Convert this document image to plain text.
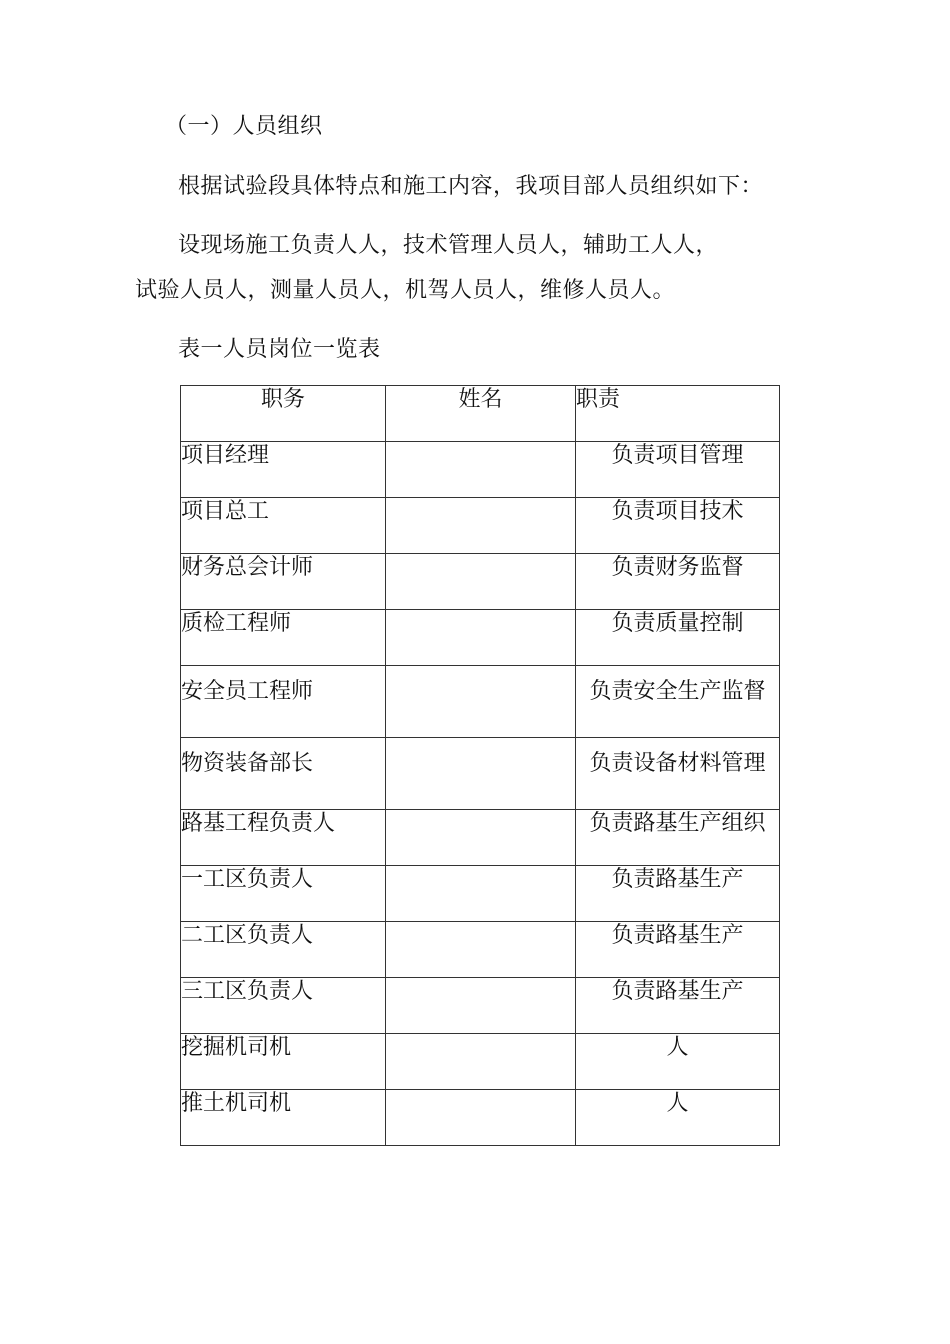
（一）人员组织
根据试验段具体特点和施工内容，我项目部人员组织如下：
设现场施工负责人人，技术管理人员人，辅助工人人，
试验人员人，测量人员人，机驾人员人，维修人员人。
表一人员岗位一览表
职务	姓名	职责
项目经理		负责项目管理
项目总工		负责项目技术
财务总会计师		负责财务监督
质检工程师		负责质量控制
安全员工程师		负责安全生产监督
物资装备部长		负责设备材料管理
路基工程负责人		负责路基生产组织
一工区负责人		负责路基生产
二工区负责人		负责路基生产
三工区负责人		负责路基生产
挖掘机司机		人
推土机司机		人
